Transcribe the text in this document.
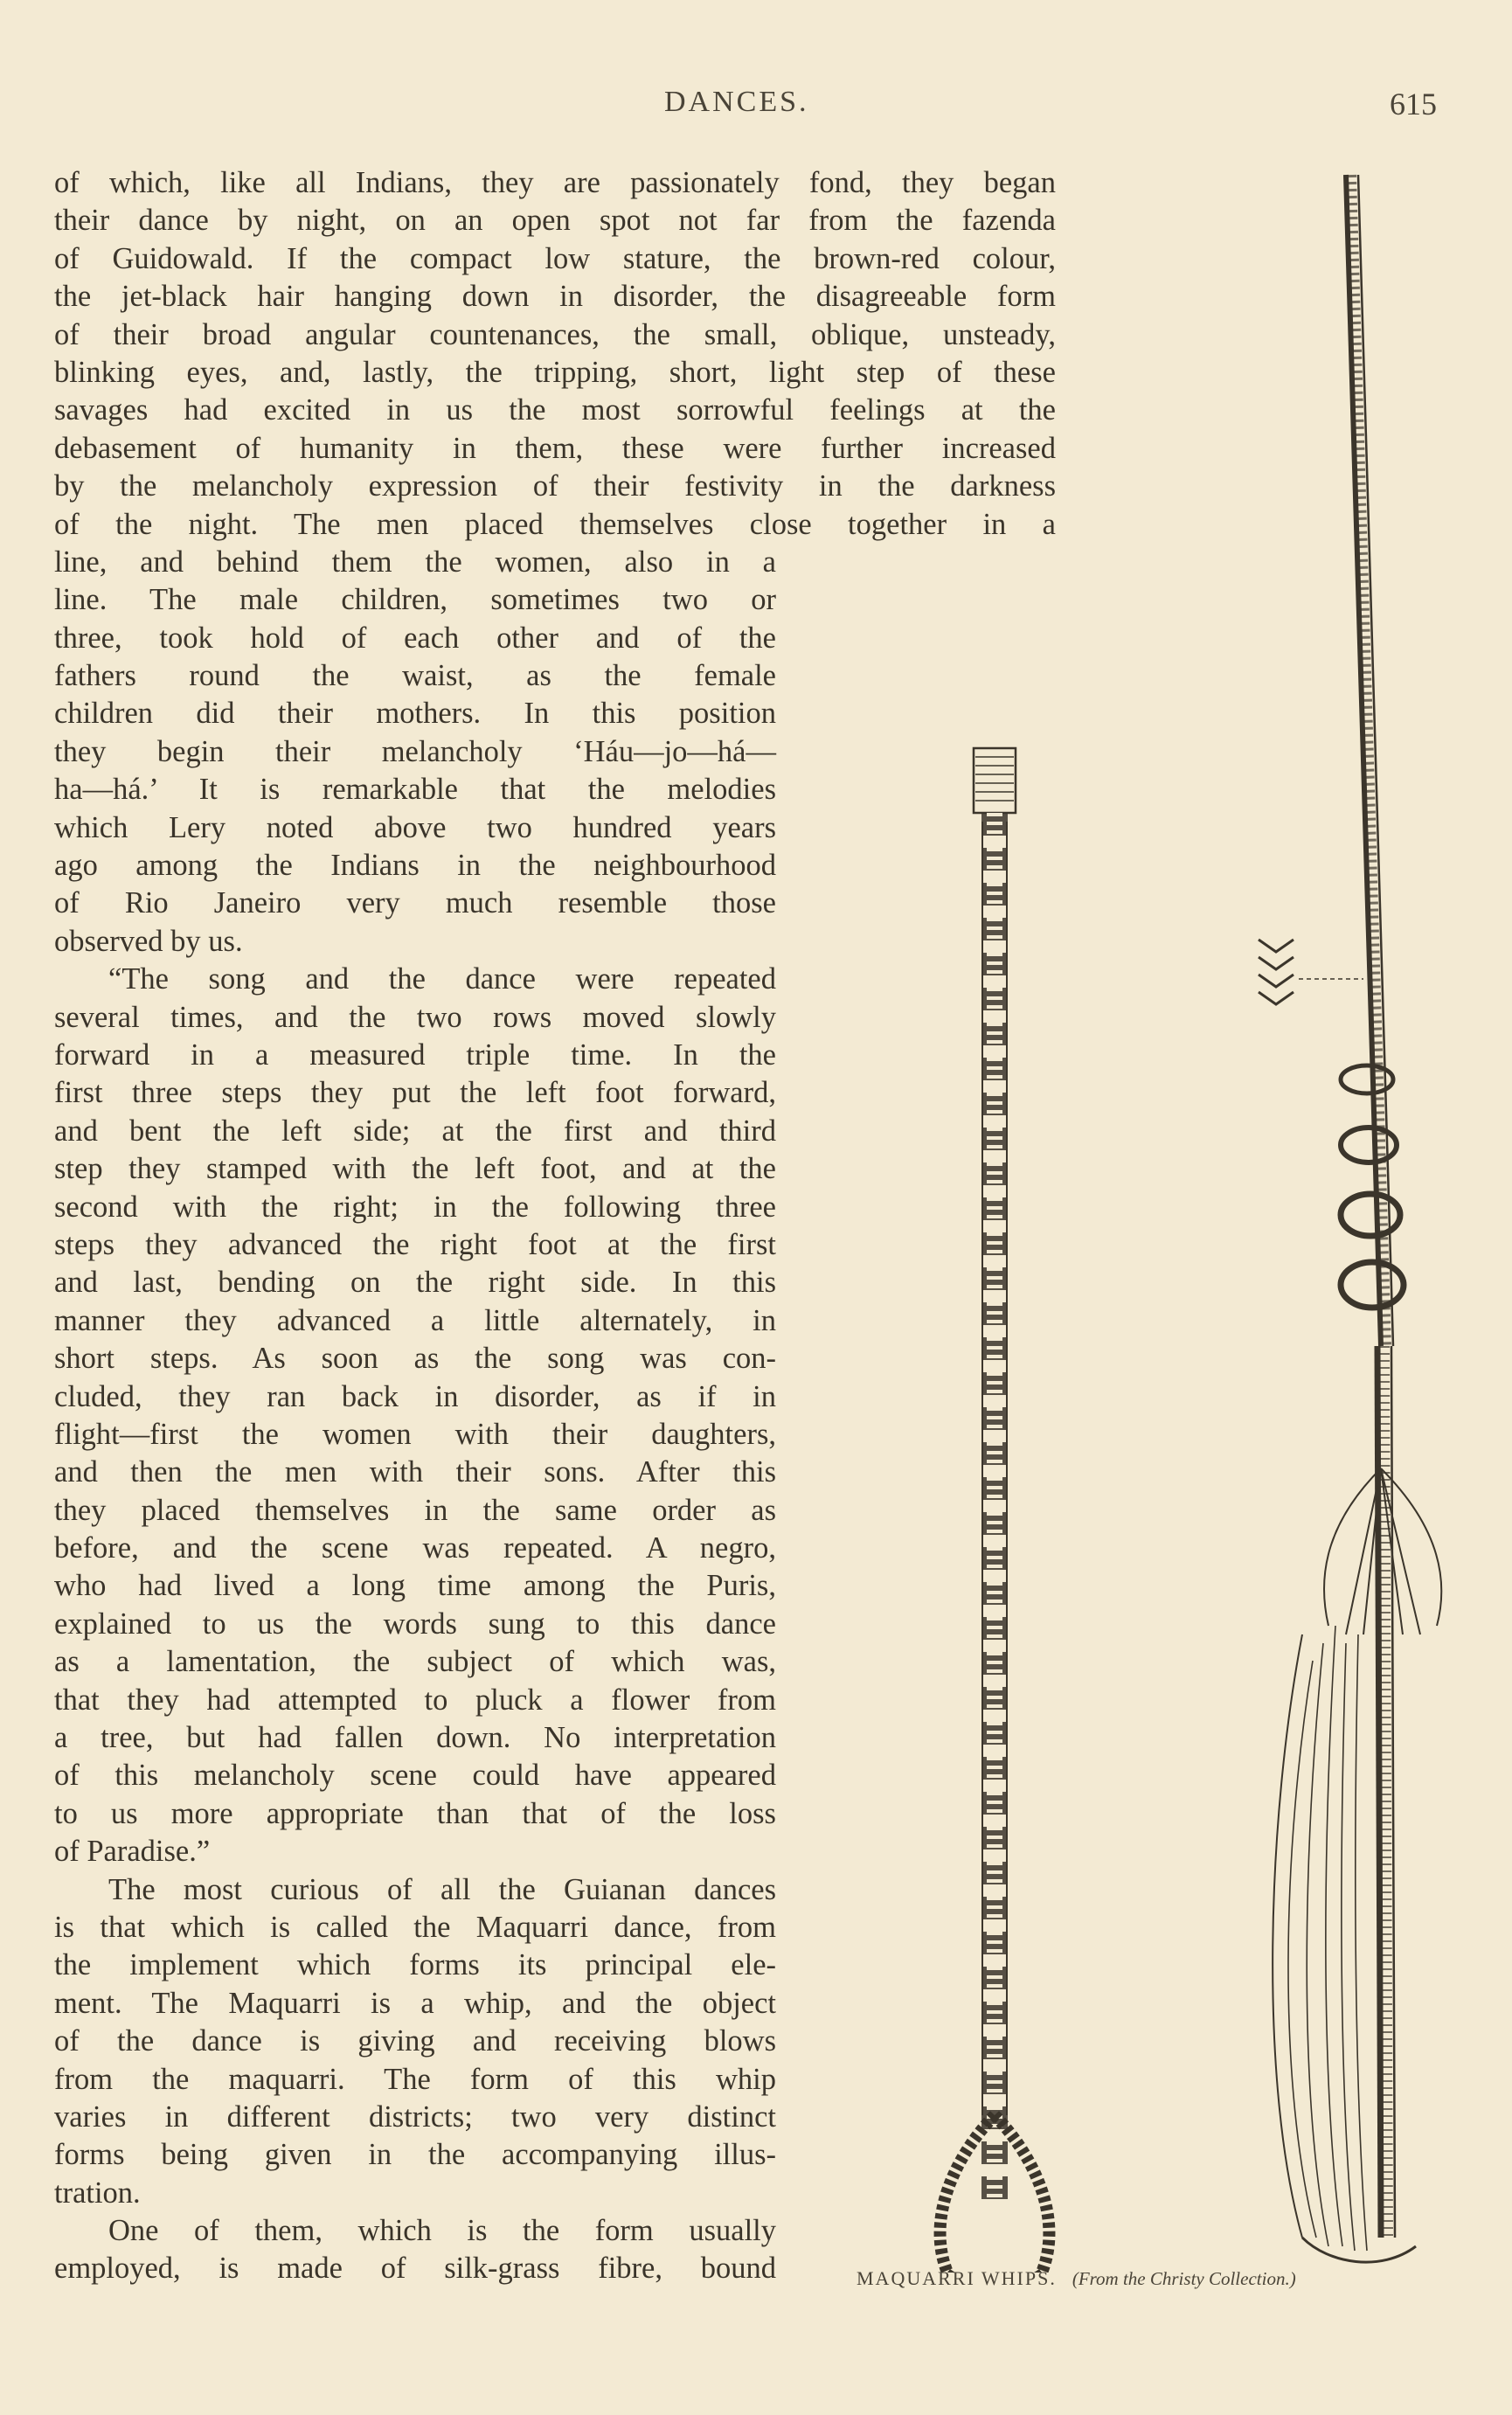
DANCES.	615
of which, like all Indians, they are passionately fond, they began
their dance by night, on an open spot not far from the fazenda
of Guidowald. If the compact low stature, the brown-red colour,
the jet-black hair hanging down in disorder, the disagreeable form
of their broad angular countenances, the small, oblique, unsteady,
blinking eyes, and, lastly, the tripping, short, light step of these
savages had excited in us the most sorrowful feelings at the
debasement of humanity in them, these were further increased
by the melancholy expression of their festivity in the darkness
of the night. The men placed themselves close together in a
line, and behind them the women, also in a
line. The male children, sometimes two or
three, took hold of each other and of the
fathers round the waist, as the female
children did their mothers. In this position
they begin their melancholy ‘Háu—jo—há—
ha—há.’ It is remarkable that the melodies
which Lery noted above two hundred years
ago among the Indians in the neighbourhood
of Rio Janeiro very much resemble those
observed by us.
“The song and the dance were repeated
several times, and the two rows moved slowly
forward in a measured triple time. In the
first three steps they put the left foot forward,
and bent the left side; at the first and third
step they stamped with the left foot, and at the
second with the right; in the following three
steps they advanced the right foot at the first
and last, bending on the right side. In this
manner they advanced a little alternately, in
short steps. As soon as the song was con-
cluded, they ran back in disorder, as if in
flight—first the women with their daughters,
and then the men with their sons. After this
they placed themselves in the same order as
before, and the scene was repeated. A negro,
who had lived a long time among the Puris,
explained to us the words sung to this dance
as a lamentation, the subject of which was,
that they had attempted to pluck a flower from
a tree, but had fallen down. No interpretation
of this melancholy scene could have appeared
to us more appropriate than that of the loss
of Paradise.”
The most curious of all the Guianan dances
is that which is called the Maquarri dance, from
the implement which forms its principal ele-
ment. The Maquarri is a whip, and the object
of the dance is giving and receiving blows
from the maquarri. The form of this whip
varies in different districts; two very distinct
forms being given in the accompanying illus-
tration.
One of them, which is the form usually
employed, is made of silk-grass fibre, bound	MAQUARRI WHIPS. (From the Christy Collection.)
